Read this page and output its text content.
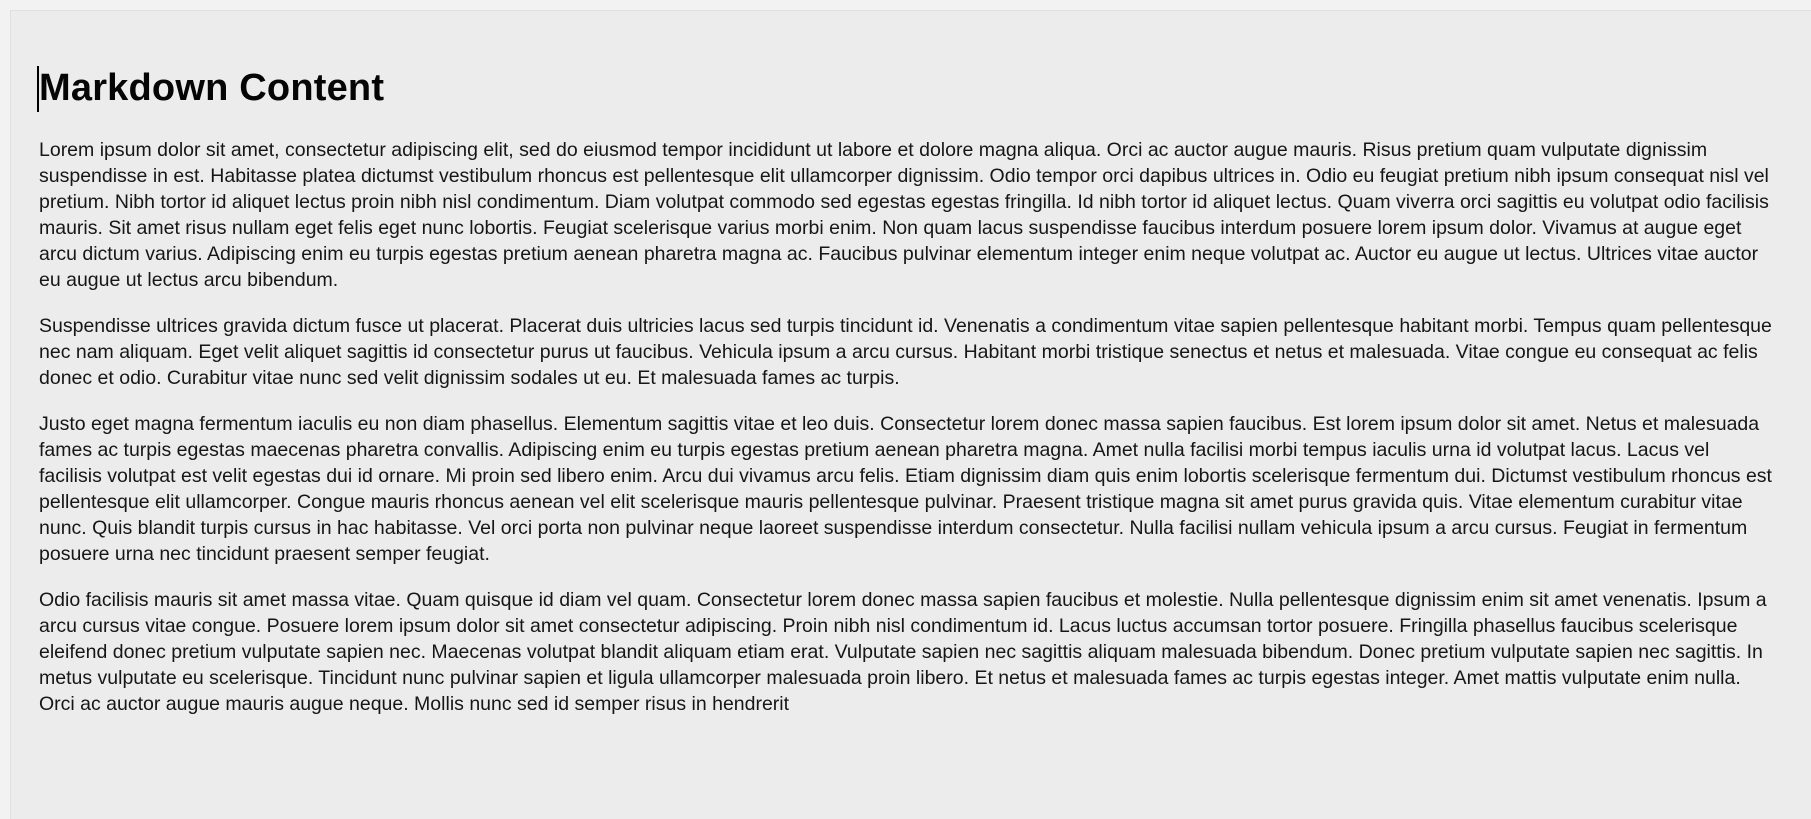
Markdown Content

Lorem ipsum dolor sit amet, consectetur adipiscing elit, sed do eiusmod tempor incididunt ut labore et dolore magna aliqua. Orci ac auctor augue mauris. Risus pretium quam vulputate dignissim suspendisse in est. Habitasse platea dictumst vestibulum rhoncus est pellentesque elit ullamcorper dignissim. Odio tempor orci dapibus ultrices in. Odio eu feugiat pretium nibh ipsum consequat nisl vel pretium. Nibh tortor id aliquet lectus proin nibh nisl condimentum. Diam volutpat commodo sed egestas egestas fringilla. Id nibh tortor id aliquet lectus. Quam viverra orci sagittis eu volutpat odio facilisis mauris. Sit amet risus nullam eget felis eget nunc lobortis. Feugiat scelerisque varius morbi enim. Non quam lacus suspendisse faucibus interdum posuere lorem ipsum dolor. Vivamus at augue eget arcu dictum varius. Adipiscing enim eu turpis egestas pretium aenean pharetra magna ac. Faucibus pulvinar elementum integer enim neque volutpat ac. Auctor eu augue ut lectus. Ultrices vitae auctor eu augue ut lectus arcu bibendum.

Suspendisse ultrices gravida dictum fusce ut placerat. Placerat duis ultricies lacus sed turpis tincidunt id. Venenatis a condimentum vitae sapien pellentesque habitant morbi. Tempus quam pellentesque nec nam aliquam. Eget velit aliquet sagittis id consectetur purus ut faucibus. Vehicula ipsum a arcu cursus. Habitant morbi tristique senectus et netus et malesuada. Vitae congue eu consequat ac felis donec et odio. Curabitur vitae nunc sed velit dignissim sodales ut eu. Et malesuada fames ac turpis.

Justo eget magna fermentum iaculis eu non diam phasellus. Elementum sagittis vitae et leo duis. Consectetur lorem donec massa sapien faucibus. Est lorem ipsum dolor sit amet. Netus et malesuada fames ac turpis egestas maecenas pharetra convallis. Adipiscing enim eu turpis egestas pretium aenean pharetra magna. Amet nulla facilisi morbi tempus iaculis urna id volutpat lacus. Lacus vel facilisis volutpat est velit egestas dui id ornare. Mi proin sed libero enim. Arcu dui vivamus arcu felis. Etiam dignissim diam quis enim lobortis scelerisque fermentum dui. Dictumst vestibulum rhoncus est pellentesque elit ullamcorper. Congue mauris rhoncus aenean vel elit scelerisque mauris pellentesque pulvinar. Praesent tristique magna sit amet purus gravida quis. Vitae elementum curabitur vitae nunc. Quis blandit turpis cursus in hac habitasse. Vel orci porta non pulvinar neque laoreet suspendisse interdum consectetur. Nulla facilisi nullam vehicula ipsum a arcu cursus. Feugiat in fermentum posuere urna nec tincidunt praesent semper feugiat.

Odio facilisis mauris sit amet massa vitae. Quam quisque id diam vel quam. Consectetur lorem donec massa sapien faucibus et molestie. Nulla pellentesque dignissim enim sit amet venenatis. Ipsum a arcu cursus vitae congue. Posuere lorem ipsum dolor sit amet consectetur adipiscing. Proin nibh nisl condimentum id. Lacus luctus accumsan tortor posuere. Fringilla phasellus faucibus scelerisque eleifend donec pretium vulputate sapien nec. Maecenas volutpat blandit aliquam etiam erat. Vulputate sapien nec sagittis aliquam malesuada bibendum. Donec pretium vulputate sapien nec sagittis. In metus vulputate eu scelerisque. Tincidunt nunc pulvinar sapien et ligula ullamcorper malesuada proin libero. Et netus et malesuada fames ac turpis egestas integer. Amet mattis vulputate enim nulla. Orci ac auctor augue mauris augue neque. Mollis nunc sed id semper risus in hendrerit
